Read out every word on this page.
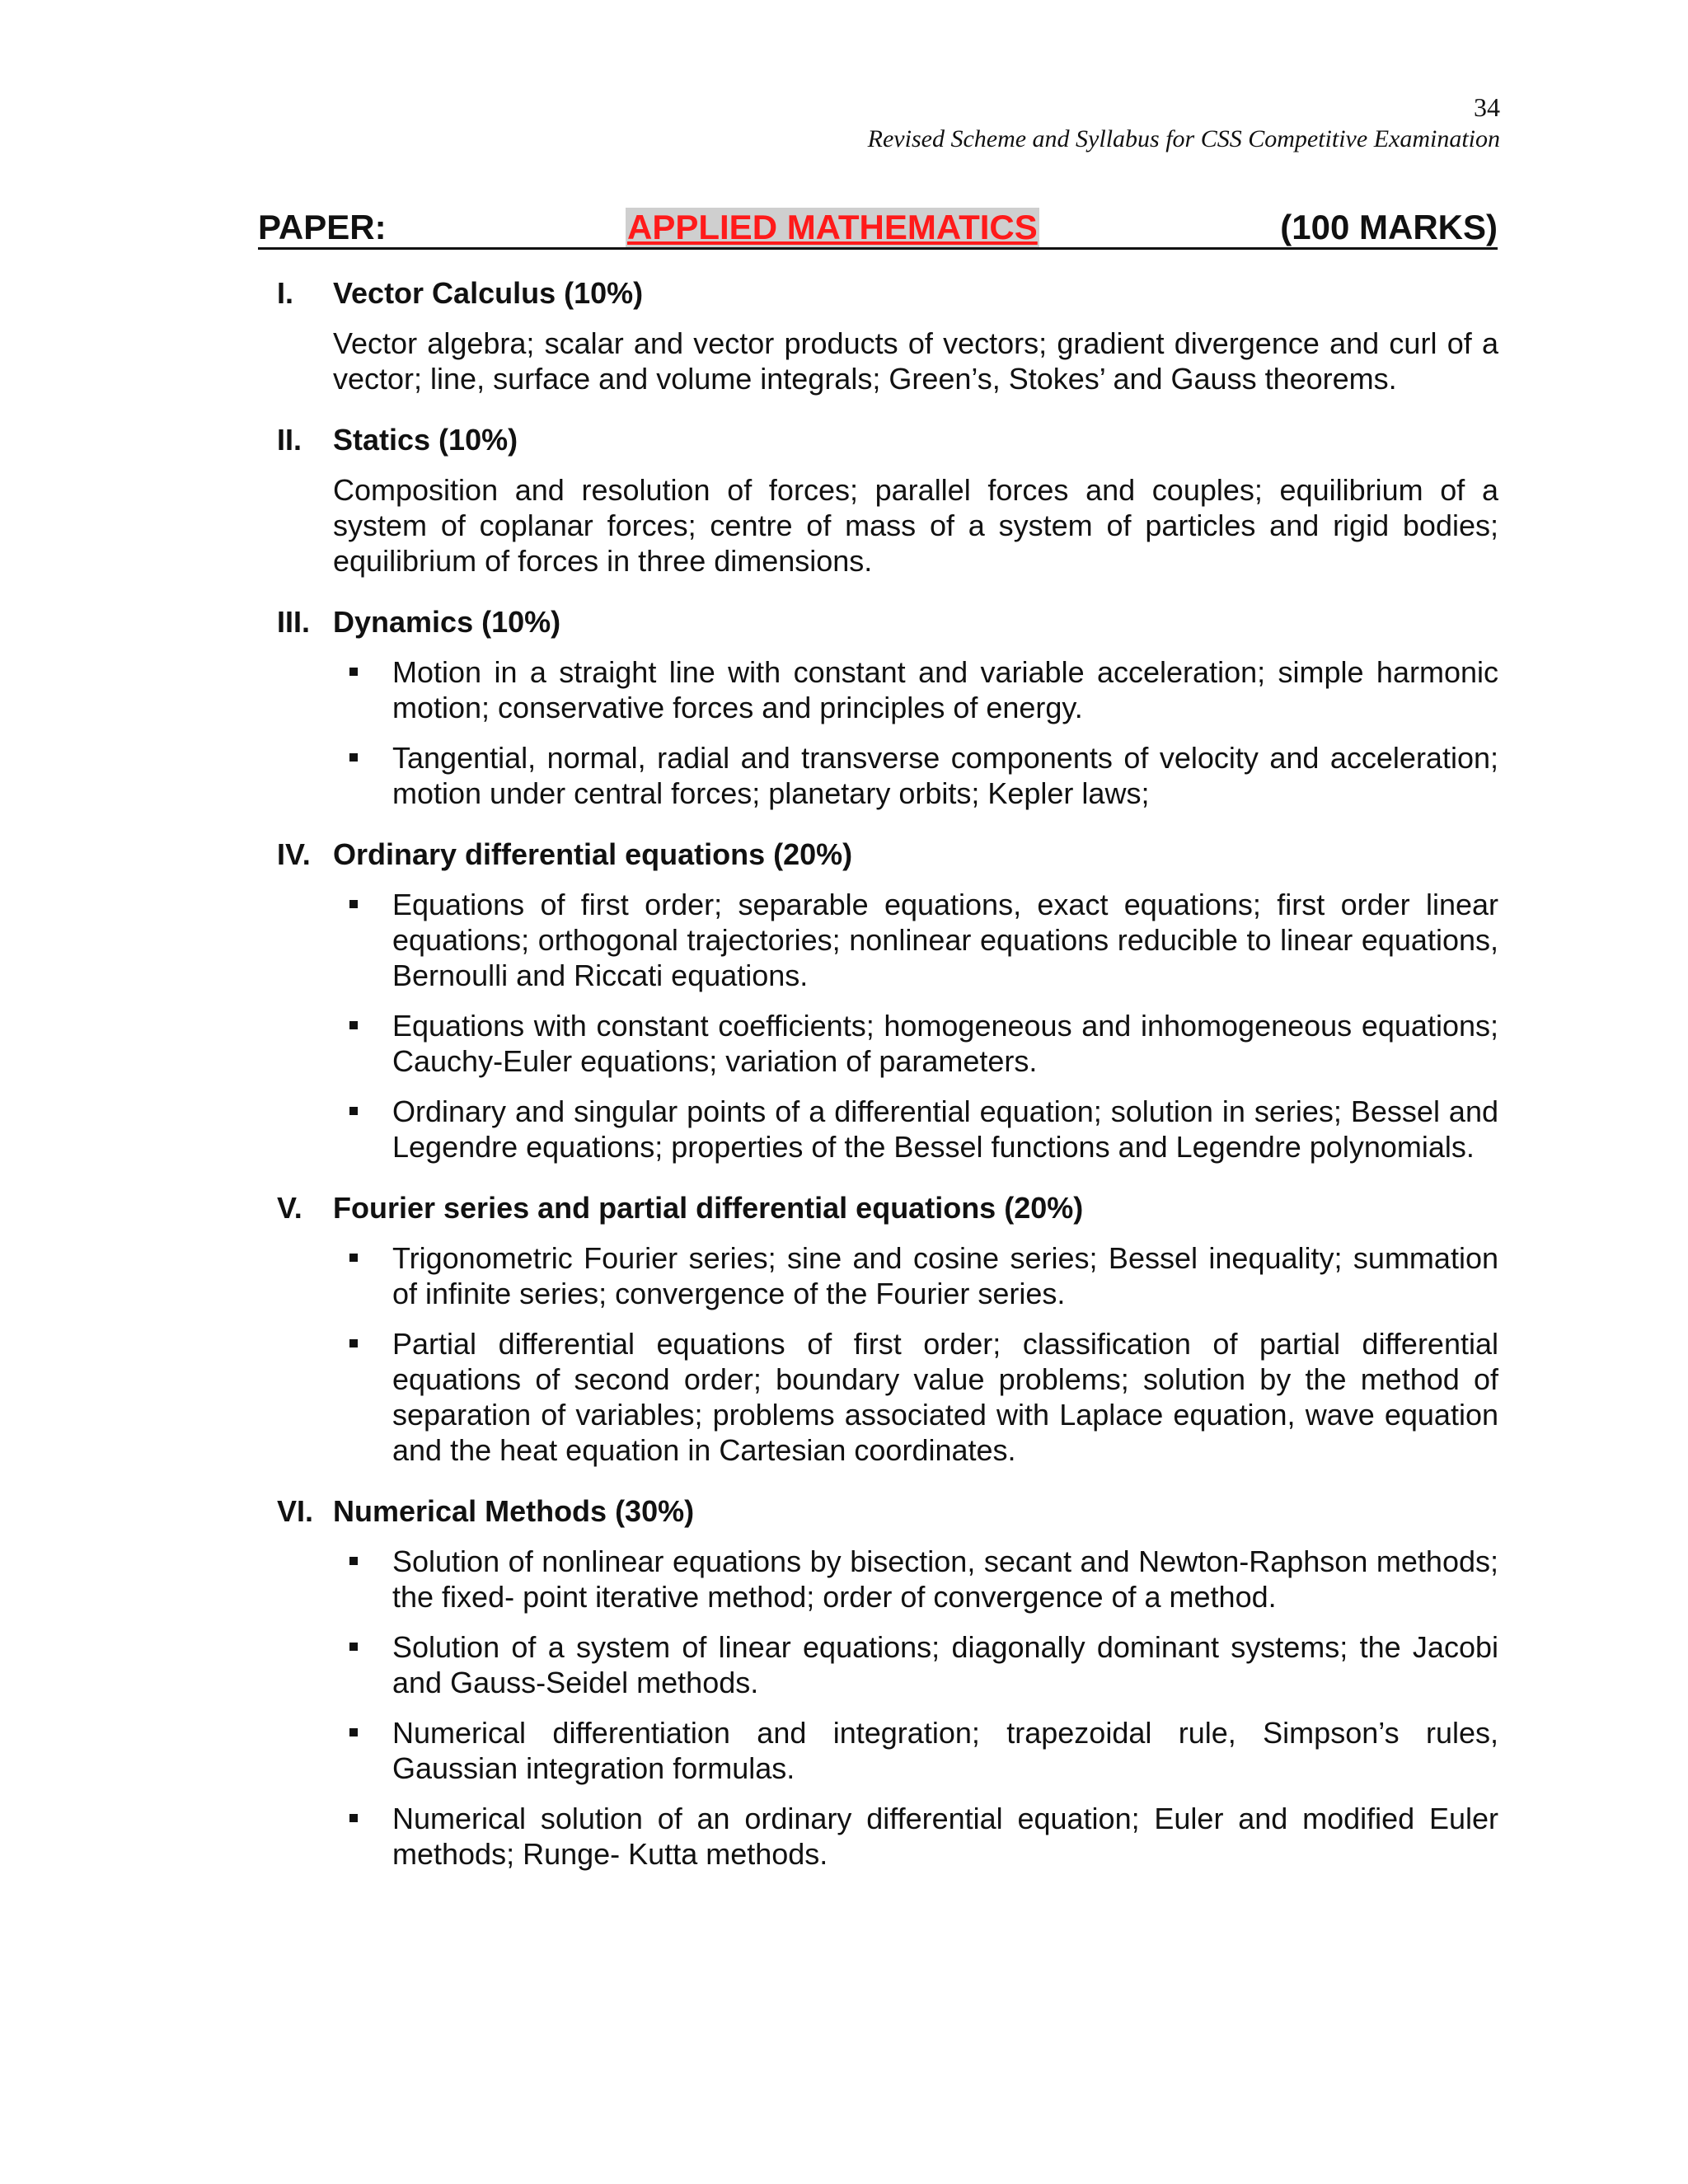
34
Revised Scheme and Syllabus for CSS Competitive Examination
PAPER:	APPLIED MATHEMATICS	(100 MARKS)
I.	Vector Calculus (10%)
Vector algebra; scalar and vector products of vectors; gradient divergence and curl of a vector; line, surface and volume integrals; Green’s, Stokes’ and Gauss theorems.
II.	Statics (10%)
Composition and resolution of forces; parallel forces and couples; equilibrium of a system of coplanar forces; centre of mass of a system of particles and rigid bodies; equilibrium of forces in three dimensions.
III. Dynamics (10%)
Motion in a straight line with constant and variable acceleration; simple harmonic motion; conservative forces and principles of energy.
Tangential, normal, radial and transverse components of velocity and acceleration; motion under central forces; planetary orbits; Kepler laws;
IV. Ordinary differential equations (20%)
Equations of first order; separable equations, exact equations; first order linear equations; orthogonal trajectories; nonlinear equations reducible to linear equations, Bernoulli and Riccati equations.
Equations with constant coefficients; homogeneous and inhomogeneous equations; Cauchy-Euler equations; variation of parameters.
Ordinary and singular points of a differential equation; solution in series; Bessel and Legendre equations; properties of the Bessel functions and Legendre polynomials.
V.	Fourier series and partial differential equations (20%)
Trigonometric Fourier series; sine and cosine series; Bessel inequality; summation of infinite series; convergence of the Fourier series.
Partial differential equations of first order; classification of partial differential equations of second order; boundary value problems; solution by the method of separation of variables; problems associated with Laplace equation, wave equation and the heat equation in Cartesian coordinates.
VI. Numerical Methods (30%)
Solution of nonlinear equations by bisection, secant and Newton-Raphson methods; the fixed- point iterative method; order of convergence of a method.
Solution of a system of linear equations; diagonally dominant systems; the Jacobi and Gauss-Seidel methods.
Numerical differentiation and integration; trapezoidal rule, Simpson’s rules, Gaussian integration formulas.
Numerical solution of an ordinary differential equation; Euler and modified Euler methods; Runge- Kutta methods.
